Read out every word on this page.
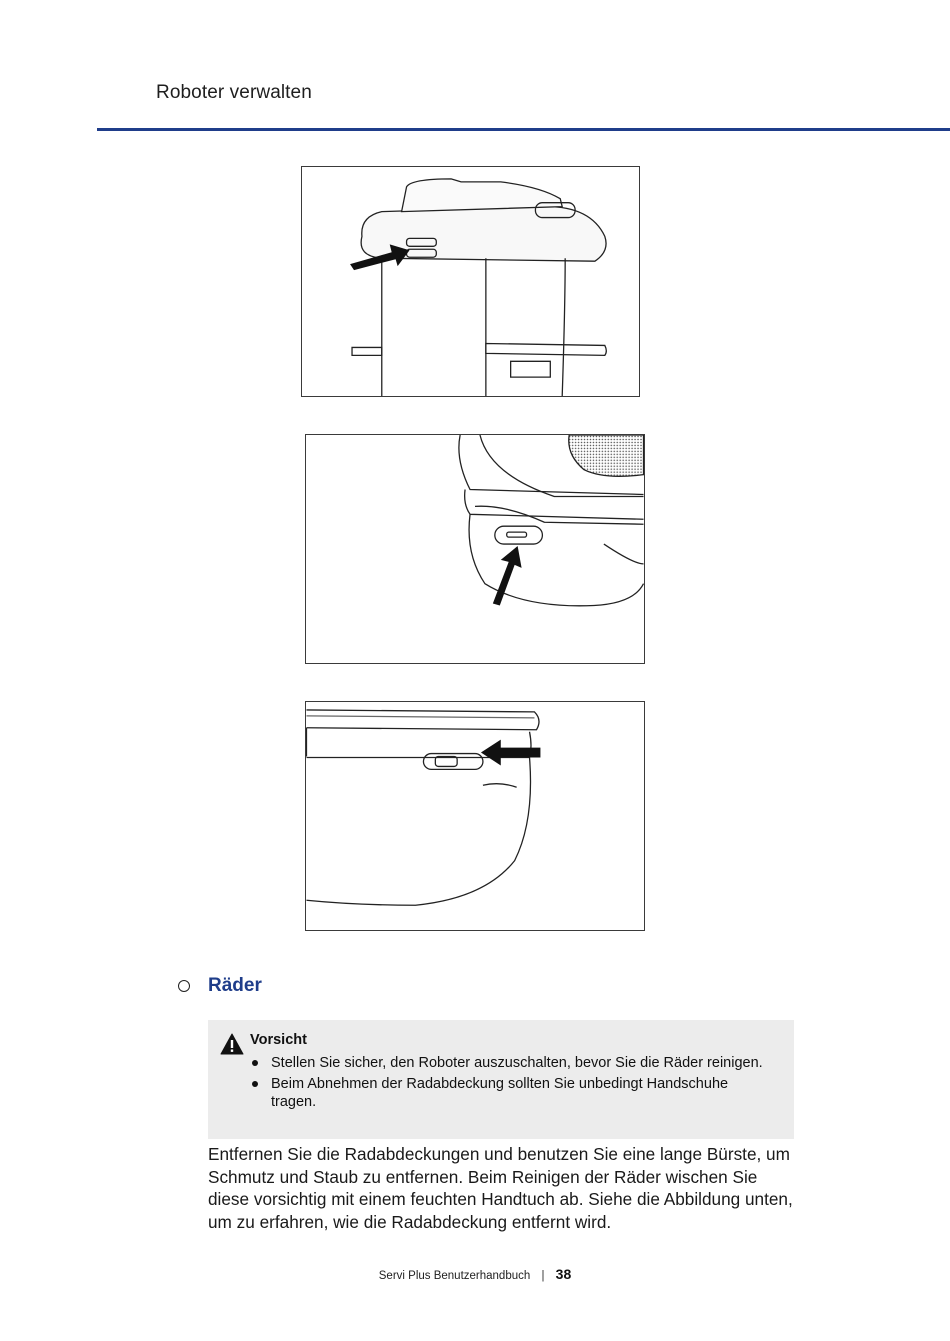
Roboter verwalten
Räder
Vorsicht
Stellen Sie sicher, den Roboter auszuschalten, bevor Sie die Räder reinigen.
Beim Abnehmen der Radabdeckung sollten Sie unbedingt Handschuhe tragen.
Entfernen Sie die Radabdeckungen und benutzen Sie eine lange Bürste, um Schmutz und Staub zu entfernen. Beim Reinigen der Räder wischen Sie diese vorsichtig mit einem feuchten Handtuch ab. Siehe die Abbildung unten, um zu erfahren, wie die Radabdeckung entfernt wird.
Servi Plus Benutzerhandbuch | 38
